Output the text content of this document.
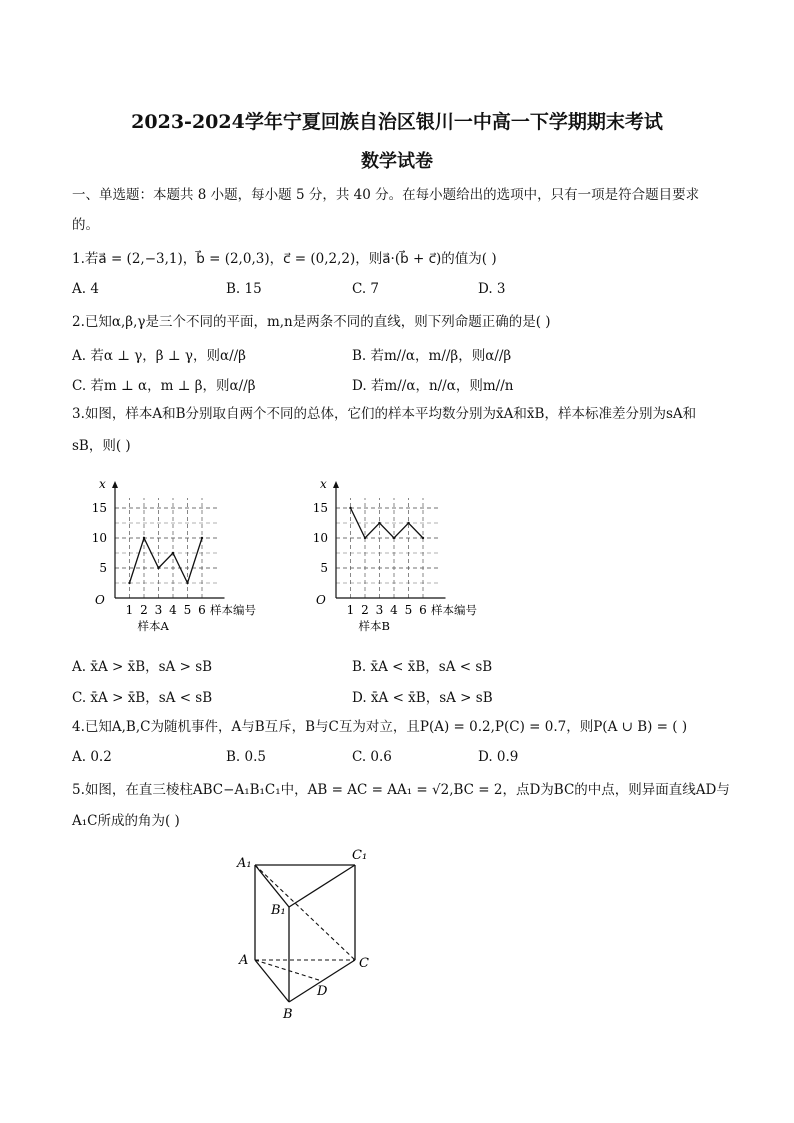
2023-2024学年宁夏回族自治区银川一中高一下学期期末考试
数学试卷
一、单选题：本题共 8 小题，每小题 5 分，共 40 分。在每小题给出的选项中，只有一项是符合题目要求
的。
1.若a⃗ = (2,−3,1)，b⃗ = (2,0,3)，c⃗ = (0,2,2)，则a⃗·(b⃗ + c⃗)的值为( )
A. 4	B. 15	C. 7	D. 3
2.已知α,β,γ是三个不同的平面，m,n是两条不同的直线，则下列命题正确的是( )
A. 若α ⊥ γ，β ⊥ γ，则α//β	B. 若m//α，m//β，则α//β
C. 若m ⊥ α，m ⊥ β，则α//β	D. 若m//α，n//α，则m//n
3.如图，样本A和B分别取自两个不同的总体，它们的样本平均数分别为x̄A和x̄B，样本标准差分别为sA和
sB，则( )
x
O
5
10
15
1 2 3 4 5 6 样本编号
样本A
x
O
5
10
15
1 2 3 4 5 6 样本编号
样本B
A. x̄A > x̄B，sA > sB	B. x̄A < x̄B，sA < sB
C. x̄A > x̄B，sA < sB	D. x̄A < x̄B，sA > sB
4.已知A,B,C为随机事件，A与B互斥，B与C互为对立，且P(A) = 0.2,P(C) = 0.7，则P(A ∪ B) = ( )
A. 0.2	B. 0.5	C. 0.6	D. 0.9
5.如图，在直三棱柱ABC−A₁B₁C₁中，AB = AC = AA₁ = √2,BC = 2，点D为BC的中点，则异面直线AD与
A₁C所成的角为( )
A₁
C₁
B₁
A	C
D
B
